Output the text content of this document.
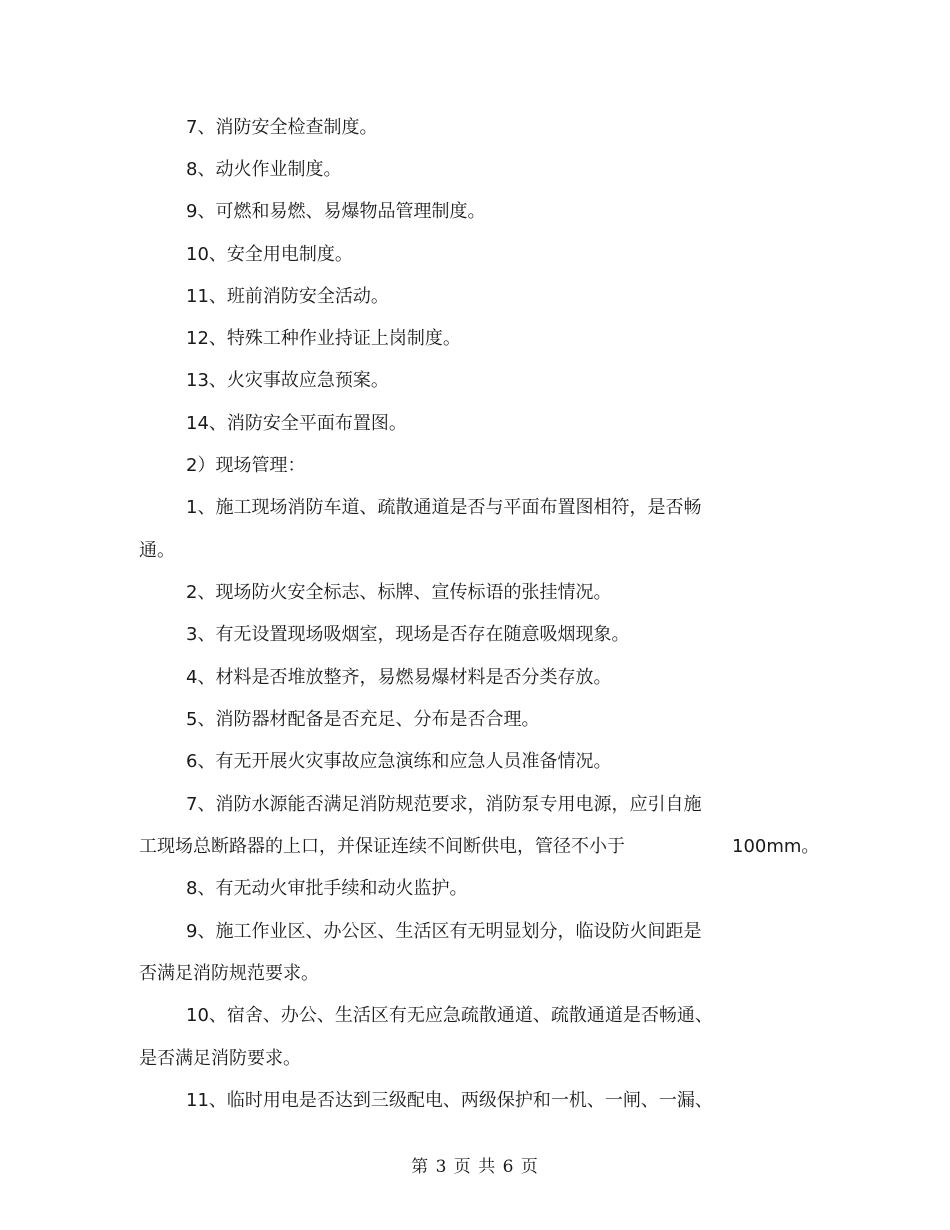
7、消防安全检查制度。
8、动火作业制度。
9、可燃和易燃、易爆物品管理制度。
10、安全用电制度。
11、班前消防安全活动。
12、特殊工种作业持证上岗制度。
13、火灾事故应急预案。
14、消防安全平面布置图。
2）现场管理：
1、施工现场消防车道、疏散通道是否与平面布置图相符，是否畅
通。
2、现场防火安全标志、标牌、宣传标语的张挂情况。
3、有无设置现场吸烟室，现场是否存在随意吸烟现象。
4、材料是否堆放整齐，易燃易爆材料是否分类存放。
5、消防器材配备是否充足、分布是否合理。
6、有无开展火灾事故应急演练和应急人员准备情况。
7、消防水源能否满足消防规范要求，消防泵专用电源，应引自施
工现场总断路器的上口，并保证连续不间断供电，管径不小于	100mm。
8、有无动火审批手续和动火监护。
9、施工作业区、办公区、生活区有无明显划分，临设防火间距是
否满足消防规范要求。
10、宿舍、办公、生活区有无应急疏散通道、疏散通道是否畅通、
是否满足消防要求。
11、临时用电是否达到三级配电、两级保护和一机、一闸、一漏、
第 3 页 共 6 页
